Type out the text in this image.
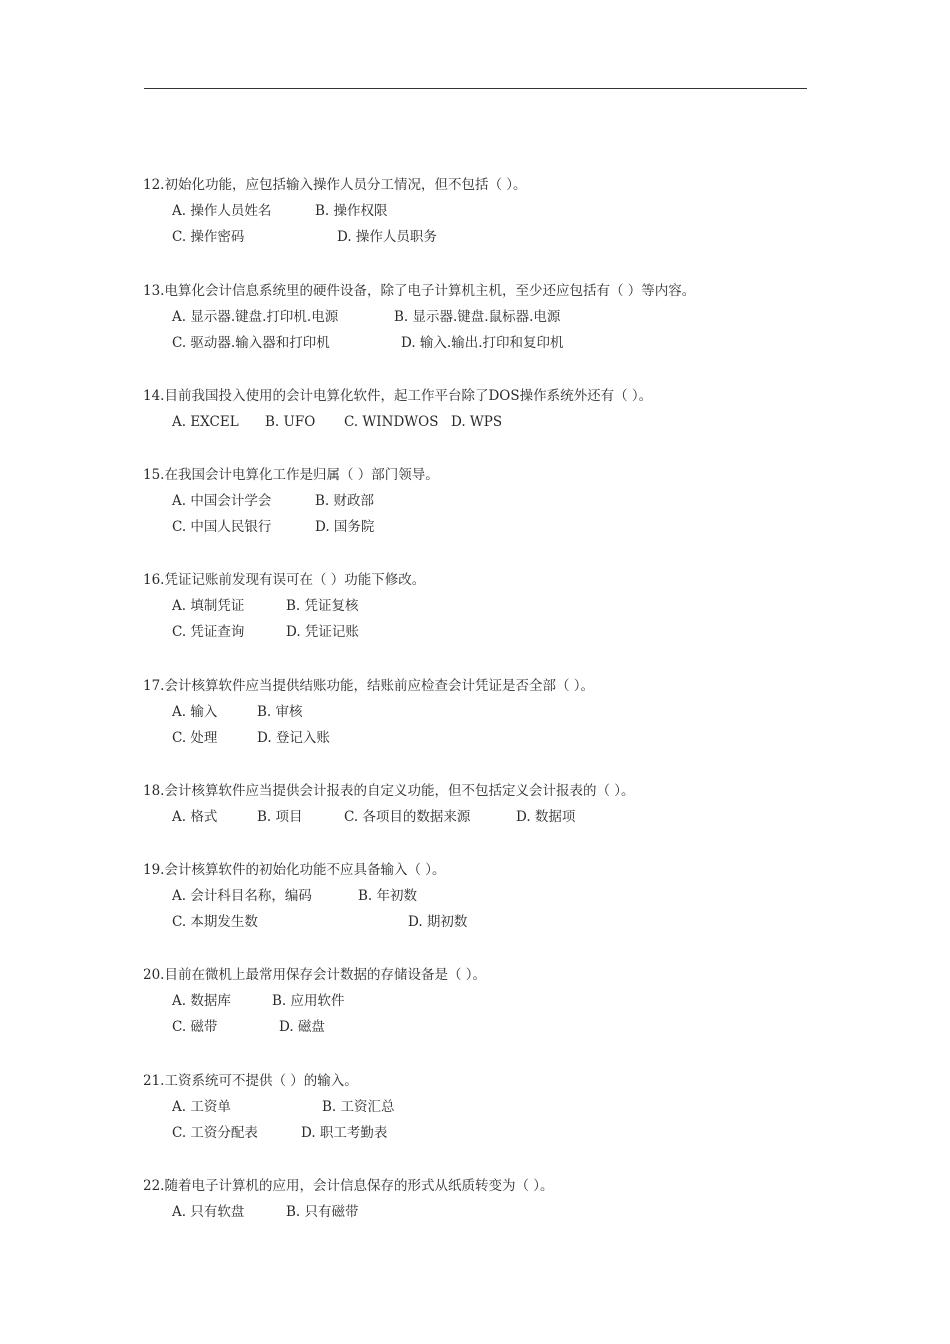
12.初始化功能，应包括输入操作人员分工情况，但不包括（ ）。
A. 操作人员姓名	B. 操作权限
C. 操作密码	D. 操作人员职务
13.电算化会计信息系统里的硬件设备，除了电子计算机主机，至少还应包括有（ ）等内容。
A. 显示器.键盘.打印机.电源	B. 显示器.键盘.鼠标器.电源
C. 驱动器.输入器和打印机	D. 输入.输出.打印和复印机
14.目前我国投入使用的会计电算化软件，起工作平台除了DOS操作系统外还有（ ）。
A. EXCEL B. UFO C. WINDWOS D. WPS
15.在我国会计电算化工作是归属（ ）部门领导。
A. 中国会计学会	B. 财政部
C. 中国人民银行	D. 国务院
16.凭证记账前发现有误可在（ ）功能下修改。
A. 填制凭证	B. 凭证复核
C. 凭证查询	D. 凭证记账
17.会计核算软件应当提供结账功能，结账前应检查会计凭证是否全部（ ）。
A. 输入	B. 审核
C. 处理	D. 登记入账
18.会计核算软件应当提供会计报表的自定义功能，但不包括定义会计报表的（ ）。
A. 格式	B. 项目	C. 各项目的数据来源	D. 数据项
19.会计核算软件的初始化功能不应具备输入（ ）。
A. 会计科目名称，编码	B. 年初数
C. 本期发生数	D. 期初数
20.目前在微机上最常用保存会计数据的存储设备是（ ）。
A. 数据库	B. 应用软件
C. 磁带	D. 磁盘
21.工资系统可不提供（ ）的输入。
A. 工资单	B. 工资汇总
C. 工资分配表	D. 职工考勤表
22.随着电子计算机的应用，会计信息保存的形式从纸质转变为（ ）。
A. 只有软盘	B. 只有磁带
